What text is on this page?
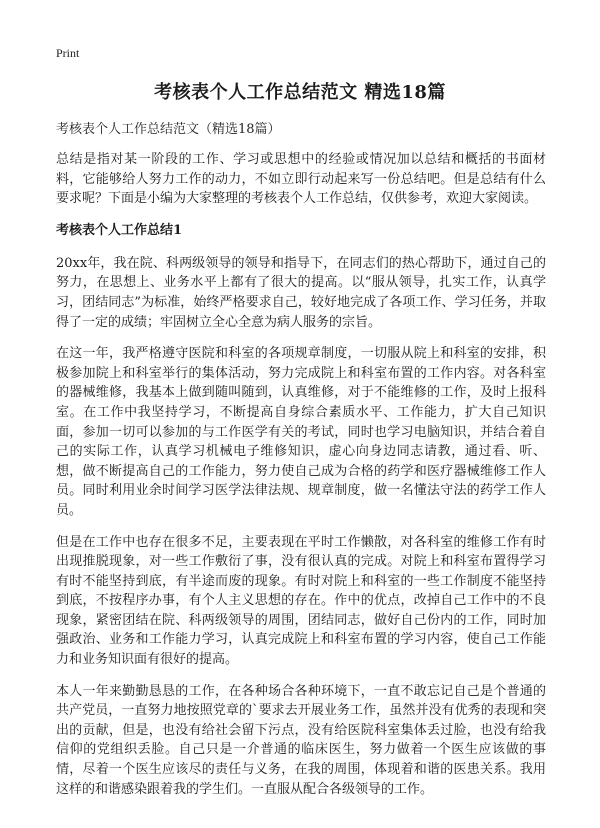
Print
考核表个人工作总结范文 精选18篇
考核表个人工作总结范文（精选18篇）

总结是指对某一阶段的工作、学习或思想中的经验或情况加以总结和概括的书面材料，它能够给人努力工作的动力，不如立即行动起来写一份总结吧。但是总结有什么要求呢？下面是小编为大家整理的考核表个人工作总结，仅供参考，欢迎大家阅读。

考核表个人工作总结1

20xx年，我在院、科两级领导的领导和指导下，在同志们的热心帮助下，通过自己的努力，在思想上、业务水平上都有了很大的提高。以“服从领导，扎实工作，认真学习，团结同志”为标准，始终严格要求自己，较好地完成了各项工作、学习任务，并取得了一定的成绩；牢固树立全心全意为病人服务的宗旨。

在这一年，我严格遵守医院和科室的各项规章制度，一切服从院上和科室的安排，积极参加院上和科室举行的集体活动，努力完成院上和科室布置的工作内容。对各科室的器械维修，我基本上做到随叫随到，认真维修，对于不能维修的工作，及时上报科室。在工作中我坚持学习，不断提高自身综合素质水平、工作能力，扩大自己知识面，参加一切可以参加的与工作医学有关的考试，同时也学习电脑知识，并结合着自己的实际工作，认真学习机械电子维修知识，虚心向身边同志请教，通过看、听、想，做不断提高自己的工作能力，努力使自己成为合格的药学和医疗器械维修工作人员。同时利用业余时间学习医学法律法规、规章制度，做一名懂法守法的药学工作人员。

但是在工作中也存在很多不足，主要表现在平时工作懒散，对各科室的维修工作有时出现推脱现象，对一些工作敷衍了事，没有很认真的完成。对院上和科室布置得学习有时不能坚持到底，有半途而废的现象。有时对院上和科室的一些工作制度不能坚持到底，不按程序办事，有个人主义思想的存在。作中的优点，改掉自己工作中的不良现象，紧密团结在院、科两级领导的周围，团结同志，做好自己份内的工作，同时加强政治、业务和工作能力学习，认真完成院上和科室布置的学习内容，使自己工作能力和业务知识面有很好的提高。

本人一年来勤勤恳恳的工作，在各种场合各种环境下，一直不敢忘记自己是个普通的共产党员，一直努力地按照党章的`要求去开展业务工作，虽然并没有优秀的表现和突出的贡献，但是，也没有给社会留下污点，没有给医院科室集体丢过脸，也没有给我信仰的党组织丢脸。自己只是一介普通的临床医生，努力做着一个医生应该做的事情，尽着一个医生应该尽的责任与义务，在我的周围，体现着和谐的医患关系。我用这样的和谐感染跟着我的学生们。一直服从配合各级领导的工作。
